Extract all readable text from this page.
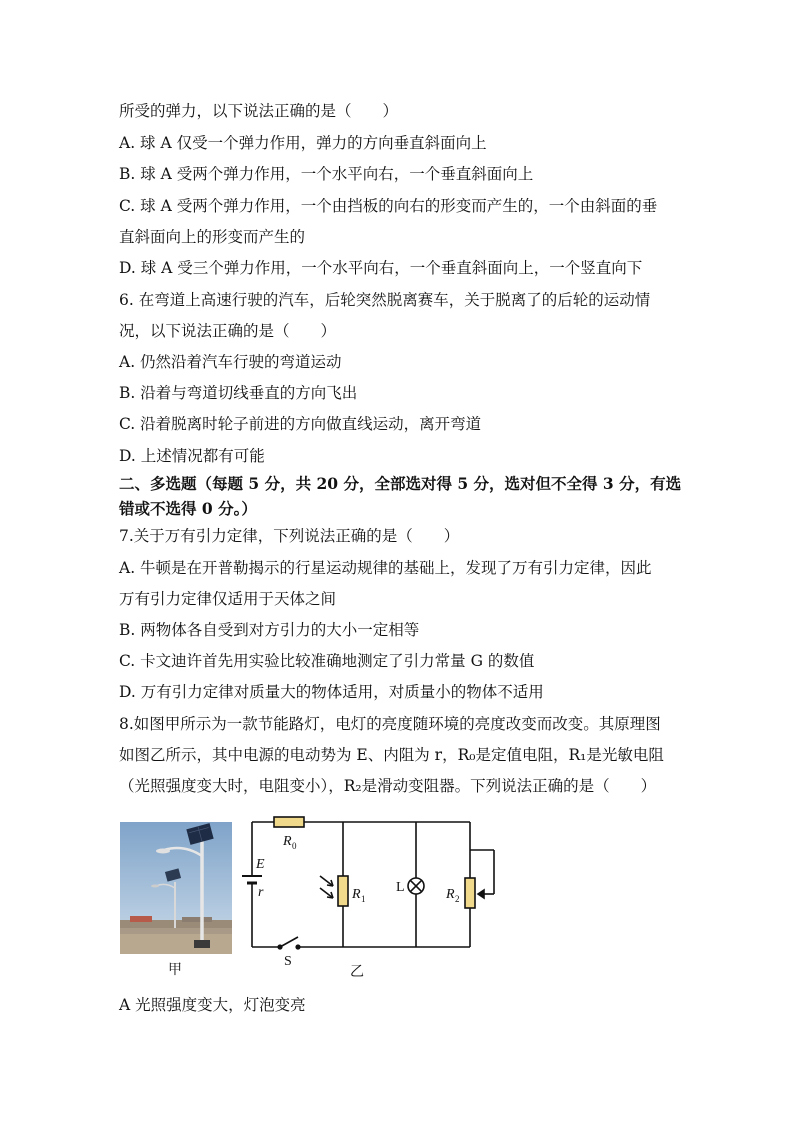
所受的弹力，以下说法正确的是（　　）
A. 球 A 仅受一个弹力作用，弹力的方向垂直斜面向上
B. 球 A 受两个弹力作用，一个水平向右，一个垂直斜面向上
C. 球 A 受两个弹力作用，一个由挡板的向右的形变而产生的，一个由斜面的垂
直斜面向上的形变而产生的
D. 球 A 受三个弹力作用，一个水平向右，一个垂直斜面向上，一个竖直向下
6. 在弯道上高速行驶的汽车，后轮突然脱离赛车，关于脱离了的后轮的运动情
况，以下说法正确的是（　　）
A. 仍然沿着汽车行驶的弯道运动
B. 沿着与弯道切线垂直的方向飞出
C. 沿着脱离时轮子前进的方向做直线运动，离开弯道
D. 上述情况都有可能
二、多选题（每题 5 分，共 20 分，全部选对得 5 分，选对但不全得 3 分，有选
错或不选得 0 分。）
7.关于万有引力定律，下列说法正确的是（　　）
A. 牛顿是在开普勒揭示的行星运动规律的基础上，发现了万有引力定律，因此
万有引力定律仅适用于天体之间
B. 两物体各自受到对方引力的大小一定相等
C. 卡文迪许首先用实验比较准确地测定了引力常量 G 的数值
D. 万有引力定律对质量大的物体适用，对质量小的物体不适用
8.如图甲所示为一款节能路灯，电灯的亮度随环境的亮度改变而改变。其原理图
如图乙所示，其中电源的电动势为 E、内阻为 r，R₀是定值电阻，R₁是光敏电阻
（光照强度变大时，电阻变小），R₂是滑动变阻器。下列说法正确的是（　　）
A 光照强度变大，灯泡变亮
甲
R 0
E
r	R 1
L	R 2
S
乙
